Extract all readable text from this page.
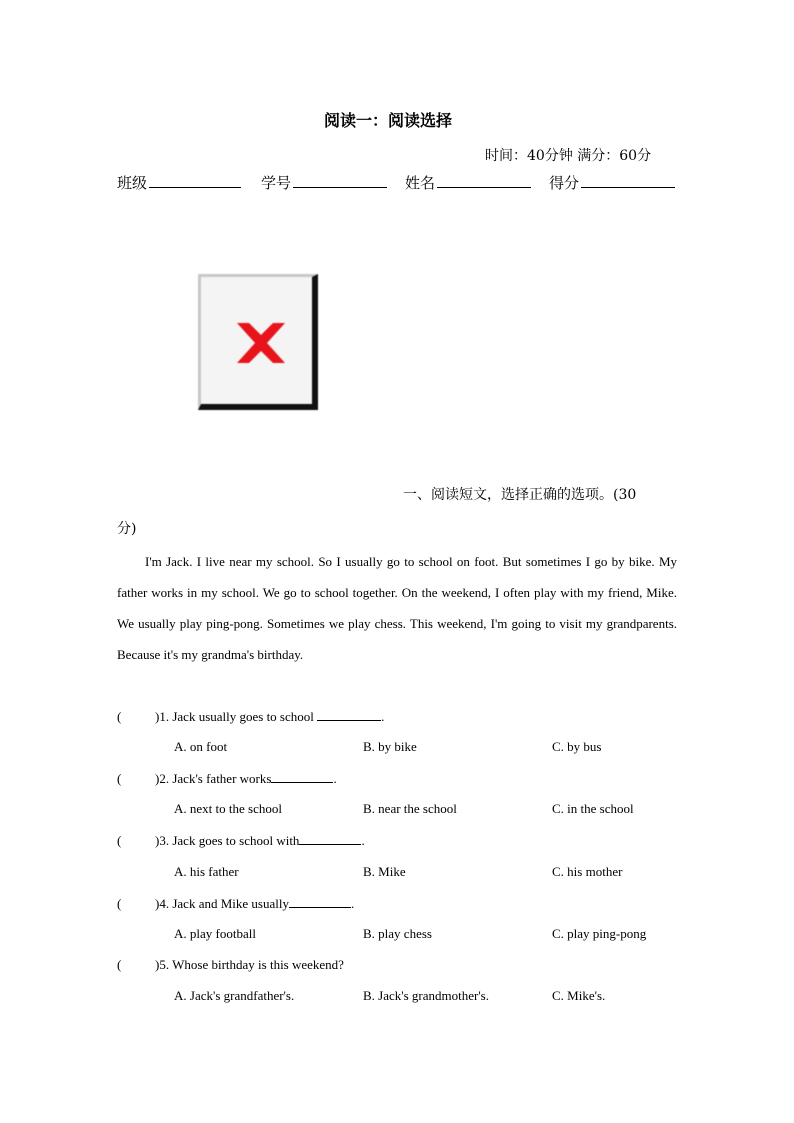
阅读一：阅读选择
时间：40分钟 满分：60分
班级	学号	姓名	得分
一、阅读短文，选择正确的选项。(30
分)
I'm Jack. I live near my school. So I usually go to school on foot. But sometimes I go by bike. My father works in my school. We go to school together. On the weekend, I often play with my friend, Mike. We usually play ping-pong. Sometimes we play chess. This weekend, I'm going to visit my grandparents. Because it's my grandma's birthday.
(	)1. Jack usually goes to school	.
A. on foot	B. by bike	C. by bus
(	)2. Jack's father works	.
A. next to the school	B. near the school	C. in the school
(	)3. Jack goes to school with	.
A. his father	B. Mike	C. his mother
(	)4. Jack and Mike usually	.
A. play football	B. play chess	C. play ping-pong
(	)5. Whose birthday is this weekend?
A. Jack's grandfather's.	B. Jack's grandmother's.	C. Mike's.
